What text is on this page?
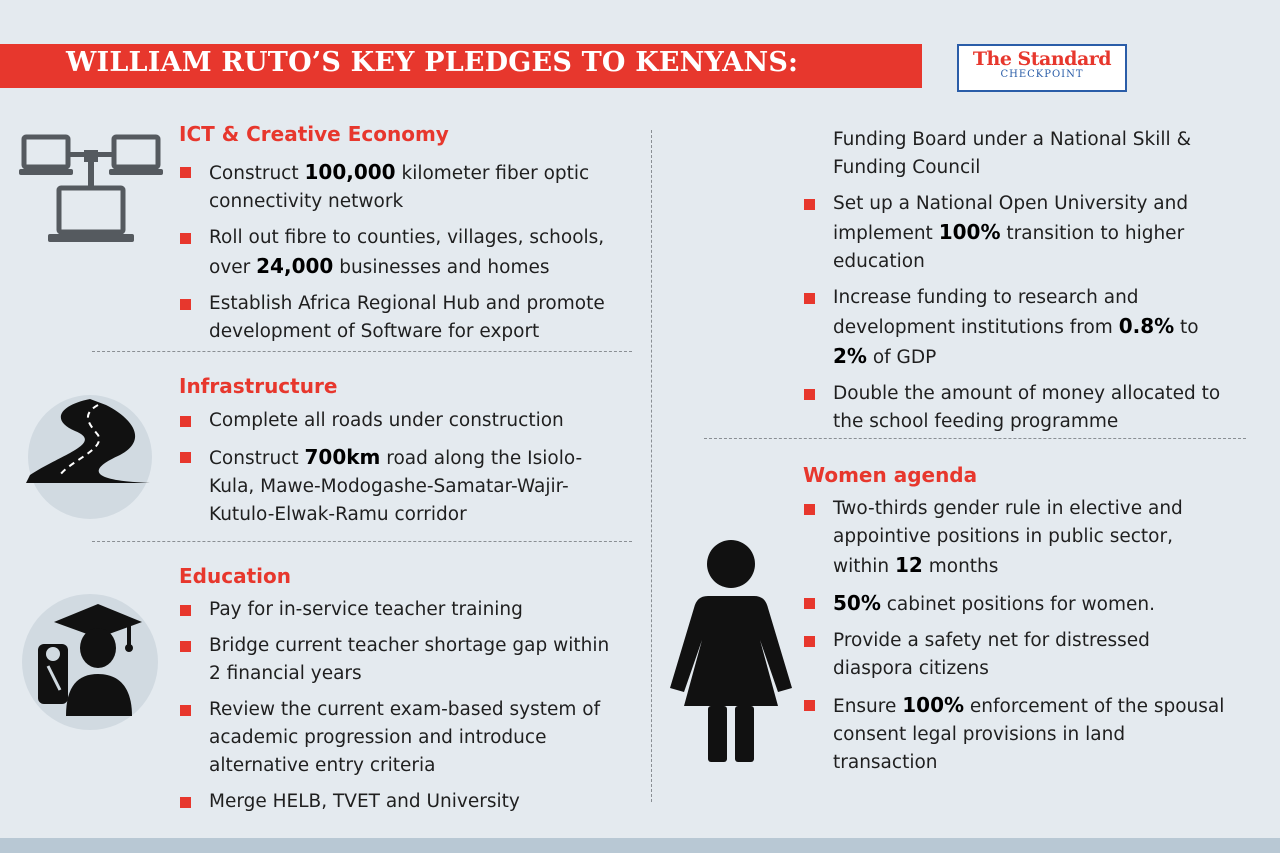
WILLIAM RUTO’S KEY PLEDGES TO KENYANS:	The Standard
CHECKPOINT
ICT & Creative Economy
Construct 100,000 kilometer fiber optic connectivity network
Roll out fibre to counties, villages, schools, over 24,000 businesses and homes
Establish Africa Regional Hub and promote development of Software for export
Infrastructure
Complete all roads under construction
Construct 700km road along the Isiolo-Kula, Mawe-Modogashe-Samatar-Wajir-Kutulo-Elwak-Ramu corridor
Education
Pay for in-service teacher training
Bridge current teacher shortage gap within 2 financial years
Review the current exam-based system of academic progression and introduce alternative entry criteria
Merge HELB, TVET and University
Funding Board under a National Skill & Funding Council
Set up a National Open University and implement 100% transition to higher education
Increase funding to research and development institutions from 0.8% to 2% of GDP
Double the amount of money allocated to the school feeding programme
Women agenda
Two-thirds gender rule in elective and appointive positions in public sector, within 12 months
50% cabinet positions for women.
Provide a safety net for distressed diaspora citizens
Ensure 100% enforcement of the spousal consent legal provisions in land transaction
